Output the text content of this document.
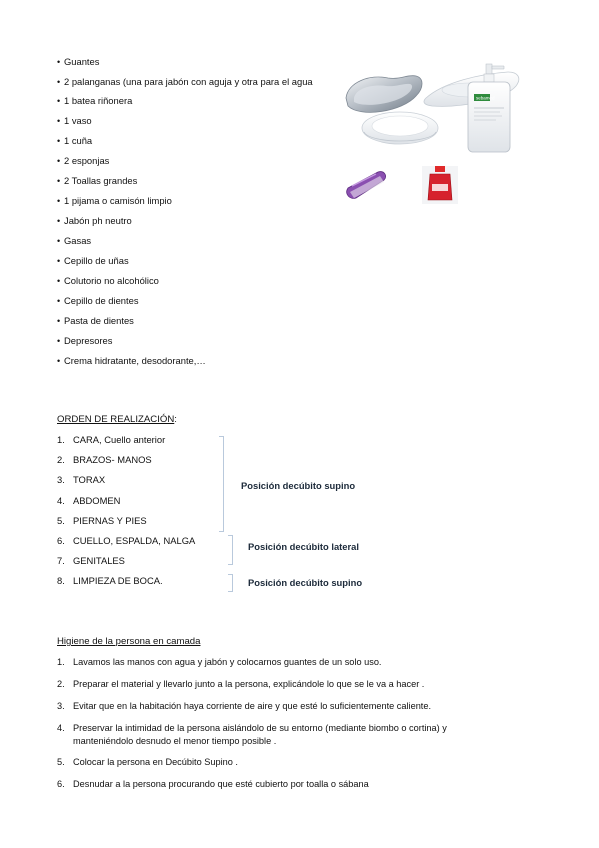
• Guantes
• 2 palanganas (una para jabón con aguja y otra para el agua
• 1 batea riñonera
• 1 vaso
• 1 cuña
• 2 esponjas
• 2 Toallas grandes
• 1 pijama o camisón limpio
• Jabón ph neutro
• Gasas
• Cepillo de uñas
• Colutorio no alcohólico
• Cepillo de dientes
• Pasta de dientes
• Depresores
• Crema hidratante, desodorante,…
sebamed
ORDEN DE REALIZACIÓN:
1. CARA, Cuello anterior
2. BRAZOS- MANOS
3. TORAX
4. ABDOMEN
5. PIERNAS Y PIES
6. CUELLO, ESPALDA, NALGA
7. GENITALES
8. LIMPIEZA DE BOCA.
Posición decúbito supino
Posición decúbito lateral
Posición decúbito supino
Higiene de la persona en camada
1. Lavamos las manos con agua y jabón y colocarnos guantes de un solo uso.
2. Preparar el material y llevarlo junto a la persona, explicándole lo que se le va a hacer .
3. Evitar que en la habitación haya corriente de aire y que esté lo suficientemente caliente.
4. Preservar la intimidad de la persona aislándolo de su entorno (mediante biombo o cortina) y manteniéndolo desnudo el menor tiempo posible .
5. Colocar la persona en Decúbito Supino .
6. Desnudar a la persona procurando que esté cubierto por toalla o sábana
